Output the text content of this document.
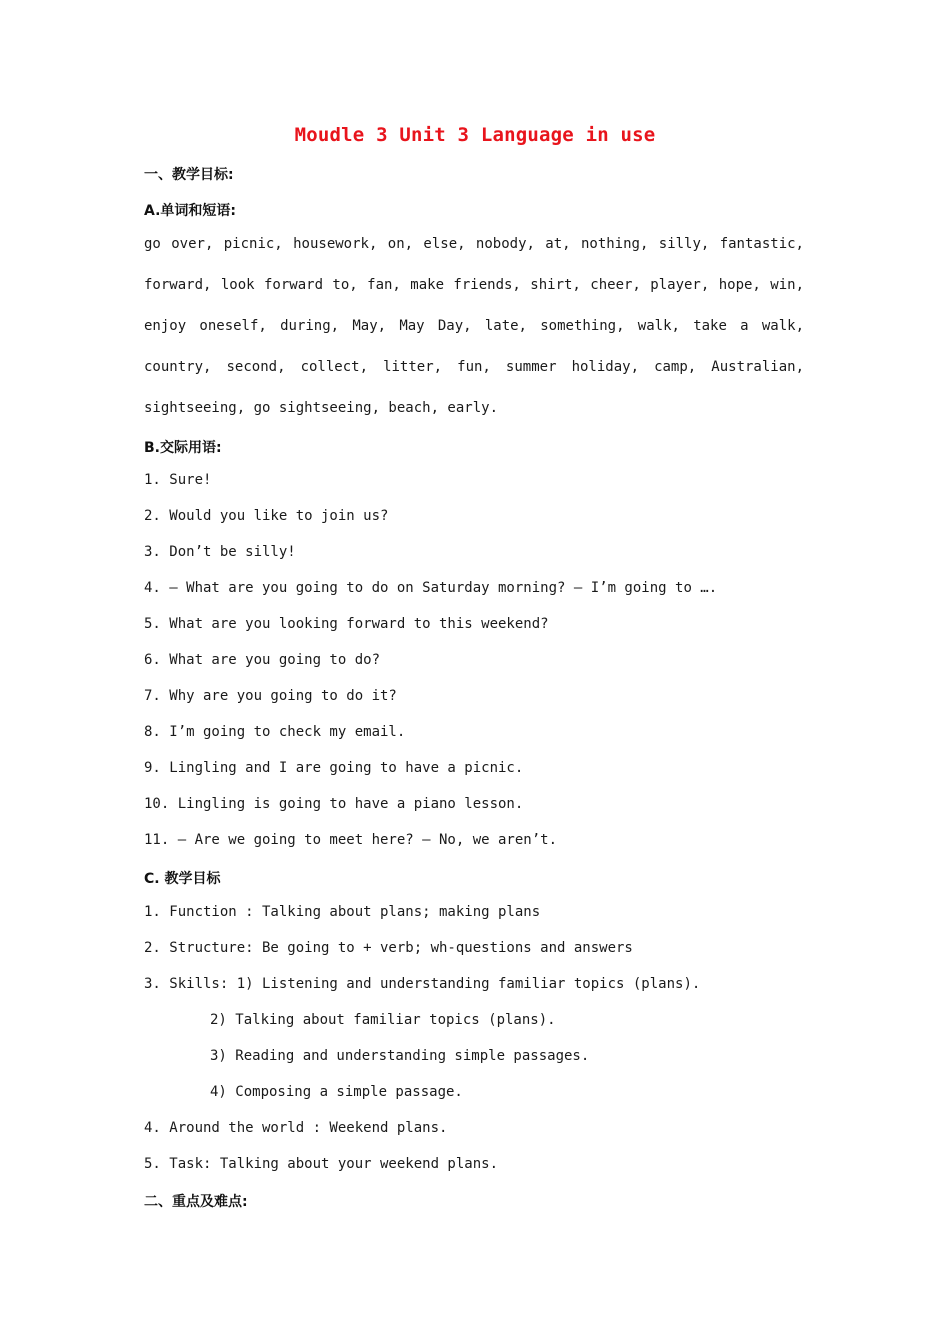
Moudle 3 Unit 3 Language in use
一、教学目标:
A.单词和短语:
go over, picnic, housework, on, else, nobody, at, nothing, silly, fantastic,
forward, look forward to, fan, make friends, shirt, cheer, player, hope, win,
enjoy oneself, during, May, May Day, late, something, walk, take a walk,
country, second, collect, litter, fun, summer holiday, camp, Australian,
sightseeing, go sightseeing, beach, early.
B.交际用语:
1. Sure!
2. Would you like to join us?
3. Don’t be silly!
4. — What are you going to do on Saturday morning? — I’m going to ….
5. What are you looking forward to this weekend?
6. What are you going to do?
7. Why are you going to do it?
8. I’m going to check my email.
9. Lingling and I are going to have a picnic.
10. Lingling is going to have a piano lesson.
11. — Are we going to meet here? — No, we aren’t.
C. 教学目标
1. Function : Talking about plans; making plans
2. Structure: Be going to + verb; wh-questions and answers
3. Skills: 1) Listening and understanding familiar topics (plans).
2) Talking about familiar topics (plans).
3) Reading and understanding simple passages.
4) Composing a simple passage.
4. Around the world : Weekend plans.
5. Task: Talking about your weekend plans.
二、重点及难点:
